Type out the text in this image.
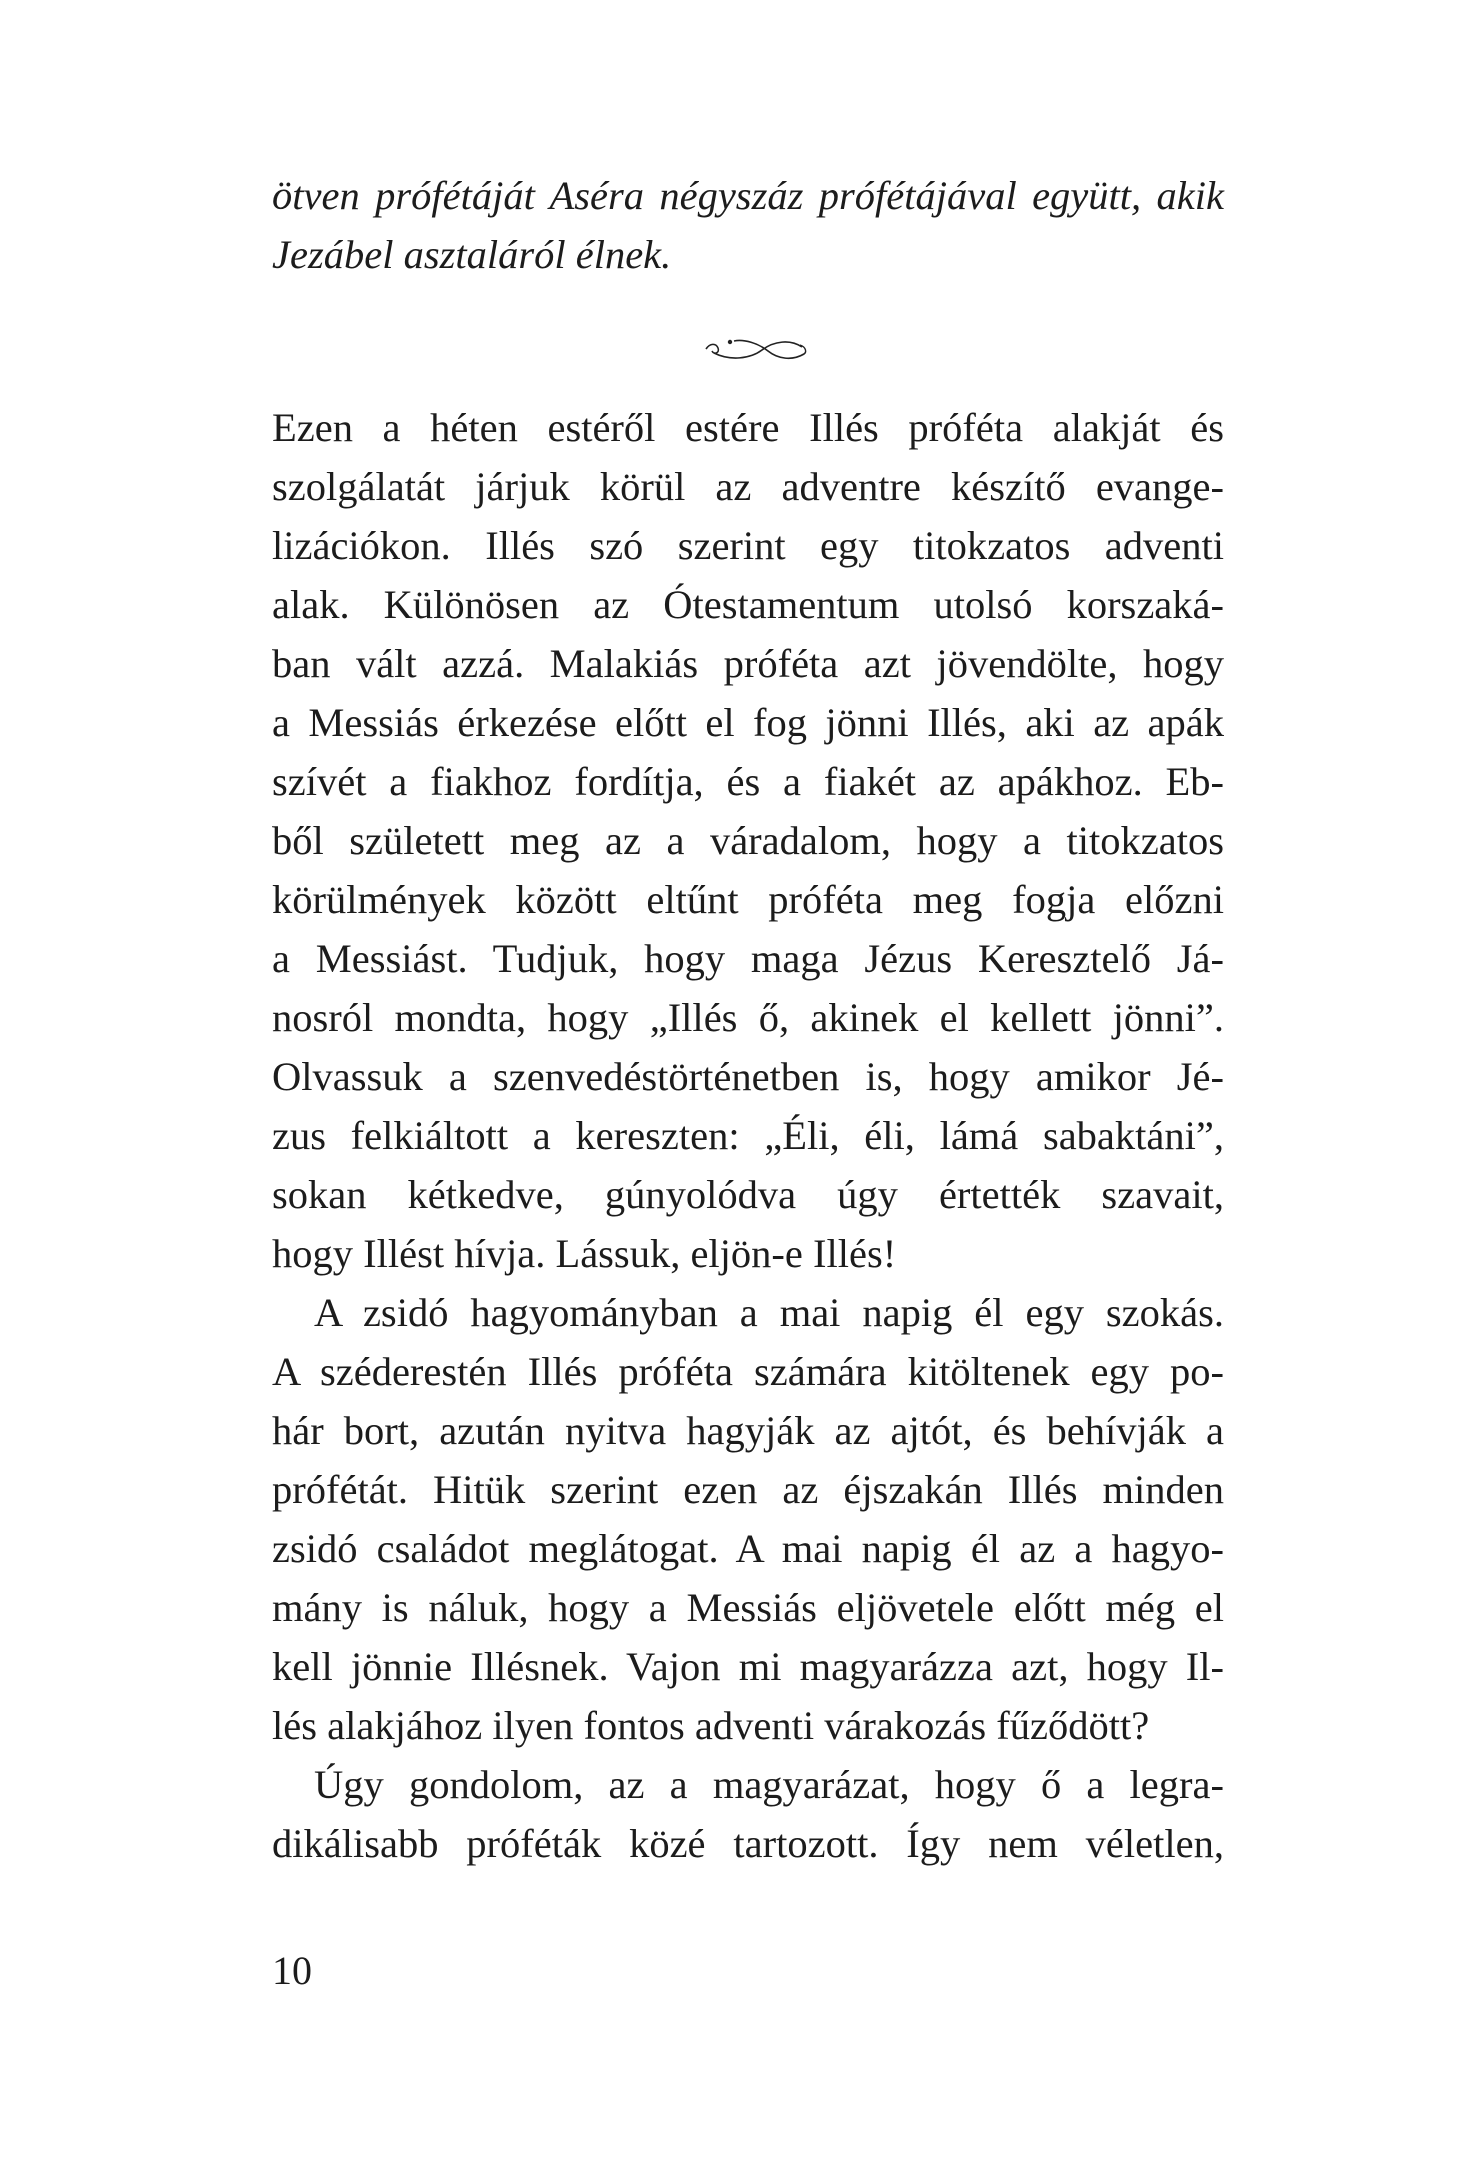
ötven prófétáját Aséra négyszáz prófétájával együtt, akik
Jezábel asztaláról élnek.
Ezen a héten estéről estére Illés próféta alakját és
szolgálatát járjuk körül az adventre készítő evange-
lizációkon. Illés szó szerint egy titokzatos adventi
alak. Különösen az Ótestamentum utolsó korszaká-
ban vált azzá. Malakiás próféta azt jövendölte, hogy
a Messiás érkezése előtt el fog jönni Illés, aki az apák
szívét a fiakhoz fordítja, és a fiakét az apákhoz. Eb-
ből született meg az a váradalom, hogy a titokzatos
körülmények között eltűnt próféta meg fogja előzni
a Messiást. Tudjuk, hogy maga Jézus Keresztelő Já-
nosról mondta, hogy „Illés ő, akinek el kellett jönni”.
Olvassuk a szenvedéstörténetben is, hogy amikor Jé-
zus felkiáltott a kereszten: „Éli, éli, lámá sabaktáni”,
sokan kétkedve, gúnyolódva úgy értették szavait,
hogy Illést hívja. Lássuk, eljön-e Illés!
A zsidó hagyományban a mai napig él egy szokás.
A széderestén Illés próféta számára kitöltenek egy po-
hár bort, azután nyitva hagyják az ajtót, és behívják a
prófétát. Hitük szerint ezen az éjszakán Illés minden
zsidó családot meglátogat. A mai napig él az a hagyo-
mány is náluk, hogy a Messiás eljövetele előtt még el
kell jönnie Illésnek. Vajon mi magyarázza azt, hogy Il-
lés alakjához ilyen fontos adventi várakozás fűződött?
Úgy gondolom, az a magyarázat, hogy ő a legra-
dikálisabb próféták közé tartozott. Így nem véletlen,
10
